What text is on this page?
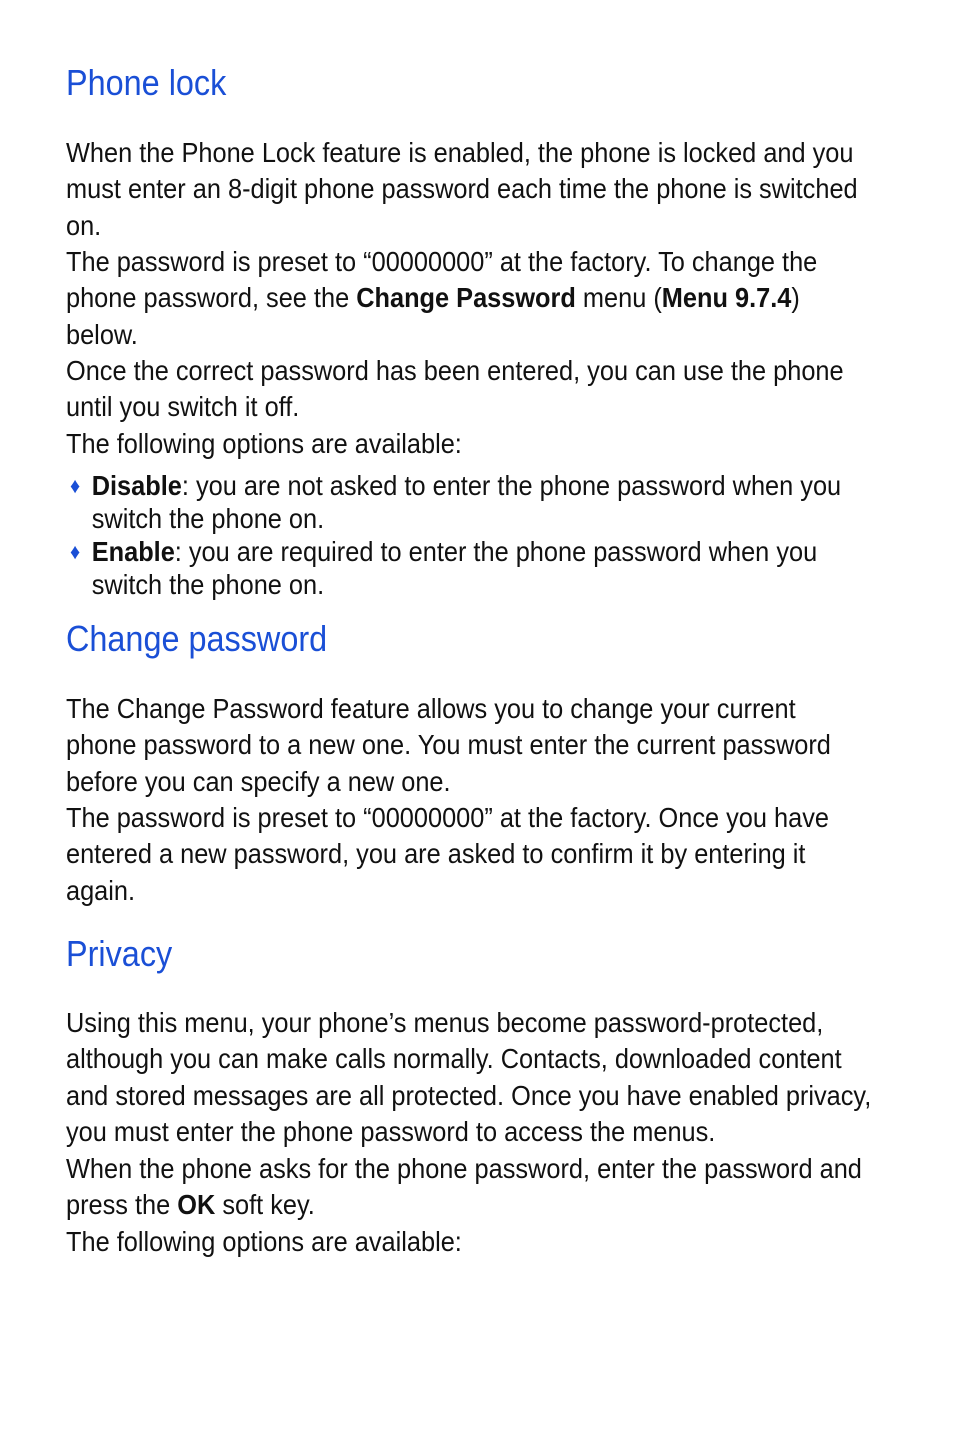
Phone lock

When the Phone Lock feature is enabled, the phone is locked and you must enter an 8-digit phone password each time the phone is switched on.

The password is preset to “00000000” at the factory. To change the phone password, see the Change Password menu (Menu 9.7.4) below.

Once the correct password has been entered, you can use the phone until you switch it off.

The following options are available:

♦ Disable: you are not asked to enter the phone password when you switch the phone on.
♦ Enable: you are required to enter the phone password when you switch the phone on.
Change password

The Change Password feature allows you to change your current phone password to a new one. You must enter the current password before you can specify a new one.

The password is preset to “00000000” at the factory. Once you have entered a new password, you are asked to confirm it by entering it again.

Privacy

Using this menu, your phone’s menus become password-protected, although you can make calls normally. Contacts, downloaded content and stored messages are all protected. Once you have enabled privacy, you must enter the phone password to access the menus.

When the phone asks for the phone password, enter the password and press the OK soft key.

The following options are available:
